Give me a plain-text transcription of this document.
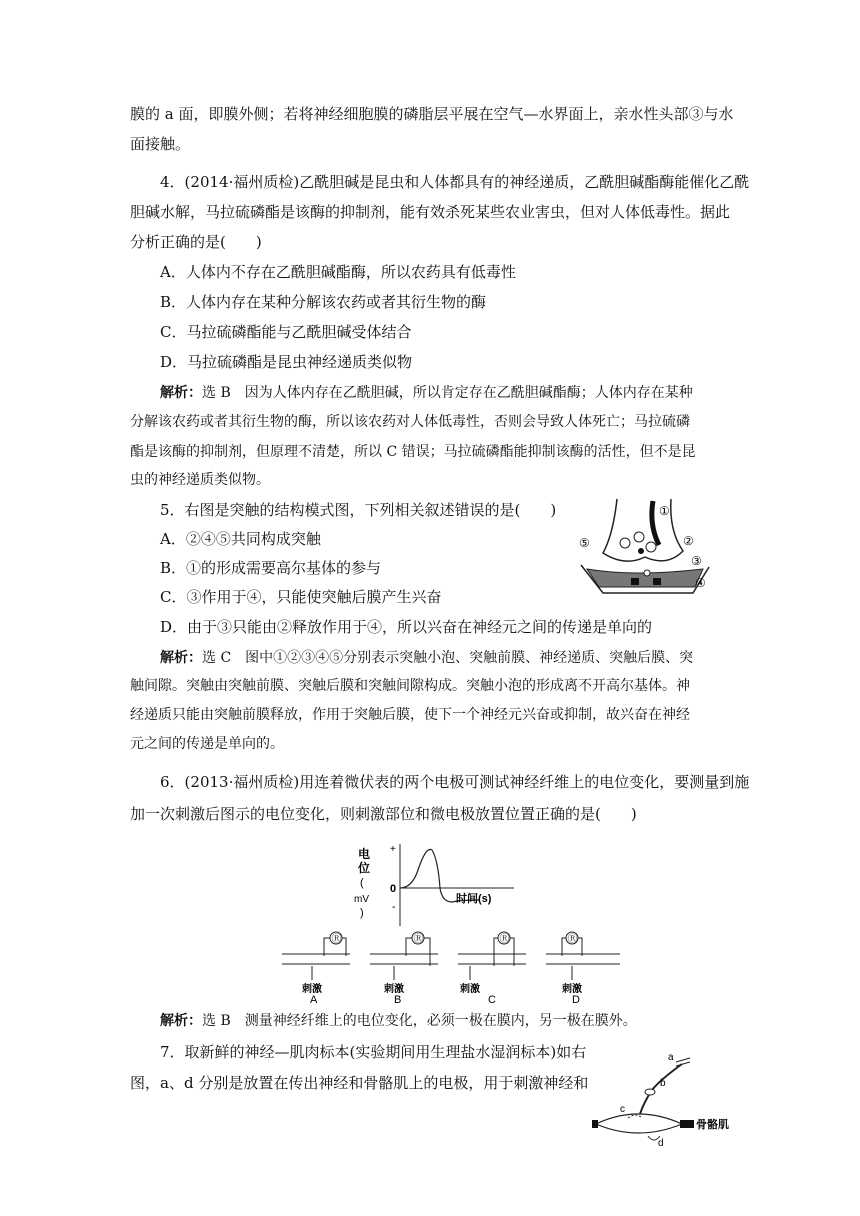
膜的 a 面，即膜外侧；若将神经细胞膜的磷脂层平展在空气—水界面上，亲水性头部③与水
面接触。
4．(2014·福州质检)乙酰胆碱是昆虫和人体都具有的神经递质，乙酰胆碱酯酶能催化乙酰
胆碱水解，马拉硫磷酯是该酶的抑制剂，能有效杀死某些农业害虫，但对人体低毒性。据此
分析正确的是(　　)
A．人体内不存在乙酰胆碱酯酶，所以农药具有低毒性
B．人体内存在某种分解该农药或者其衍生物的酶
C．马拉硫磷酯能与乙酰胆碱受体结合
D．马拉硫磷酯是昆虫神经递质类似物
解析：选 B　因为人体内存在乙酰胆碱，所以肯定存在乙酰胆碱酯酶；人体内存在某种
分解该农药或者其衍生物的酶，所以该农药对人体低毒性，否则会导致人体死亡；马拉硫磷
酯是该酶的抑制剂，但原理不清楚，所以 C 错误；马拉硫磷酯能抑制该酶的活性，但不是昆
虫的神经递质类似物。
5．右图是突触的结构模式图，下列相关叙述错误的是(　　)
A．②④⑤共同构成突触
B．①的形成需要高尔基体的参与
C．③作用于④，只能使突触后膜产生兴奋
D．由于③只能由②释放作用于④，所以兴奋在神经元之间的传递是单向的
解析：选 C　图中①②③④⑤分别表示突触小泡、突触前膜、神经递质、突触后膜、突
触间隙。突触由突触前膜、突触后膜和突触间隙构成。突触小泡的形成离不开高尔基体。神
经递质只能由突触前膜释放，作用于突触后膜，使下一个神经元兴奋或抑制，故兴奋在神经
元之间的传递是单向的。
6．(2013·福州质检)用连着微伏表的两个电极可测试神经纤维上的电位变化，要测量到施
加一次刺激后图示的电位变化，则刺激部位和微电极放置位置正确的是(　　)
解析：选 B　测量神经纤维上的电位变化，必须一极在膜内，另一极在膜外。
7．取新鲜的神经—肌肉标本(实验期间用生理盐水湿润标本)如右
图，a、d 分别是放置在传出神经和骨骼肌上的电极，用于刺激神经和
⑤
①
②
③
④
电
位
(
mV
)
+
0
-
时间(s)
Ⓡ
刺激
A
Ⓡ
刺激
B
Ⓡ
刺激
C
Ⓡ
刺激
D
a
b
c
d
骨骼肌
